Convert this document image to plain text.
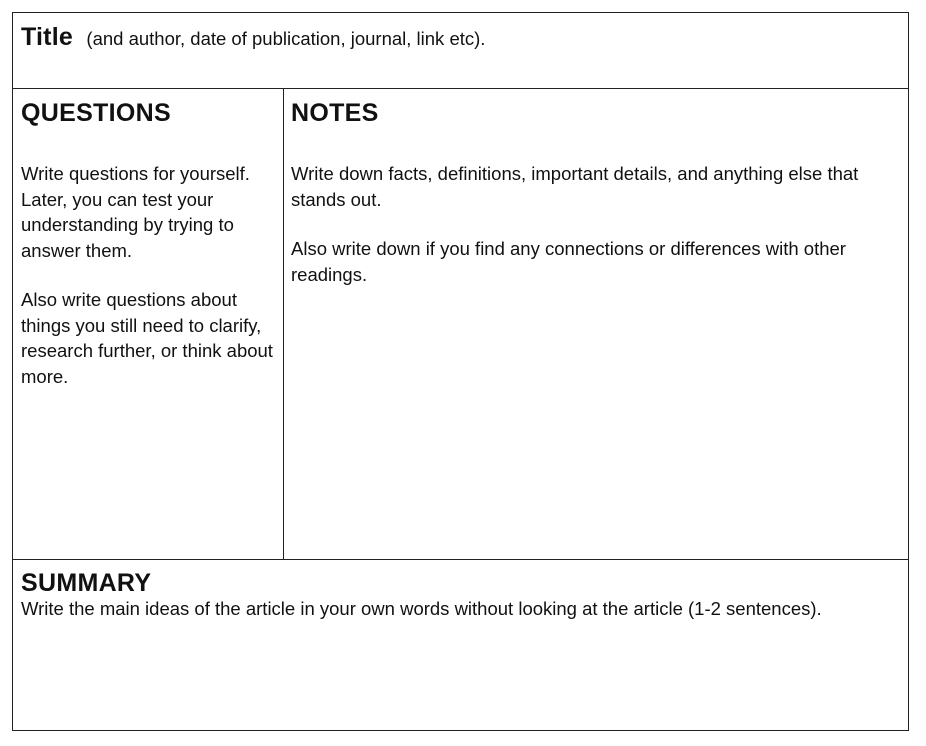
Title (and author, date of publication, journal, link etc).
QUESTIONS

Write questions for yourself. Later, you can test your understanding by trying to answer them.

Also write questions about things you still need to clarify, research further, or think about more.

NOTES

Write down facts, definitions, important details, and anything else that stands out.

Also write down if you find any connections or differences with other readings.

SUMMARY

Write the main ideas of the article in your own words without looking at the article (1-2 sentences).
